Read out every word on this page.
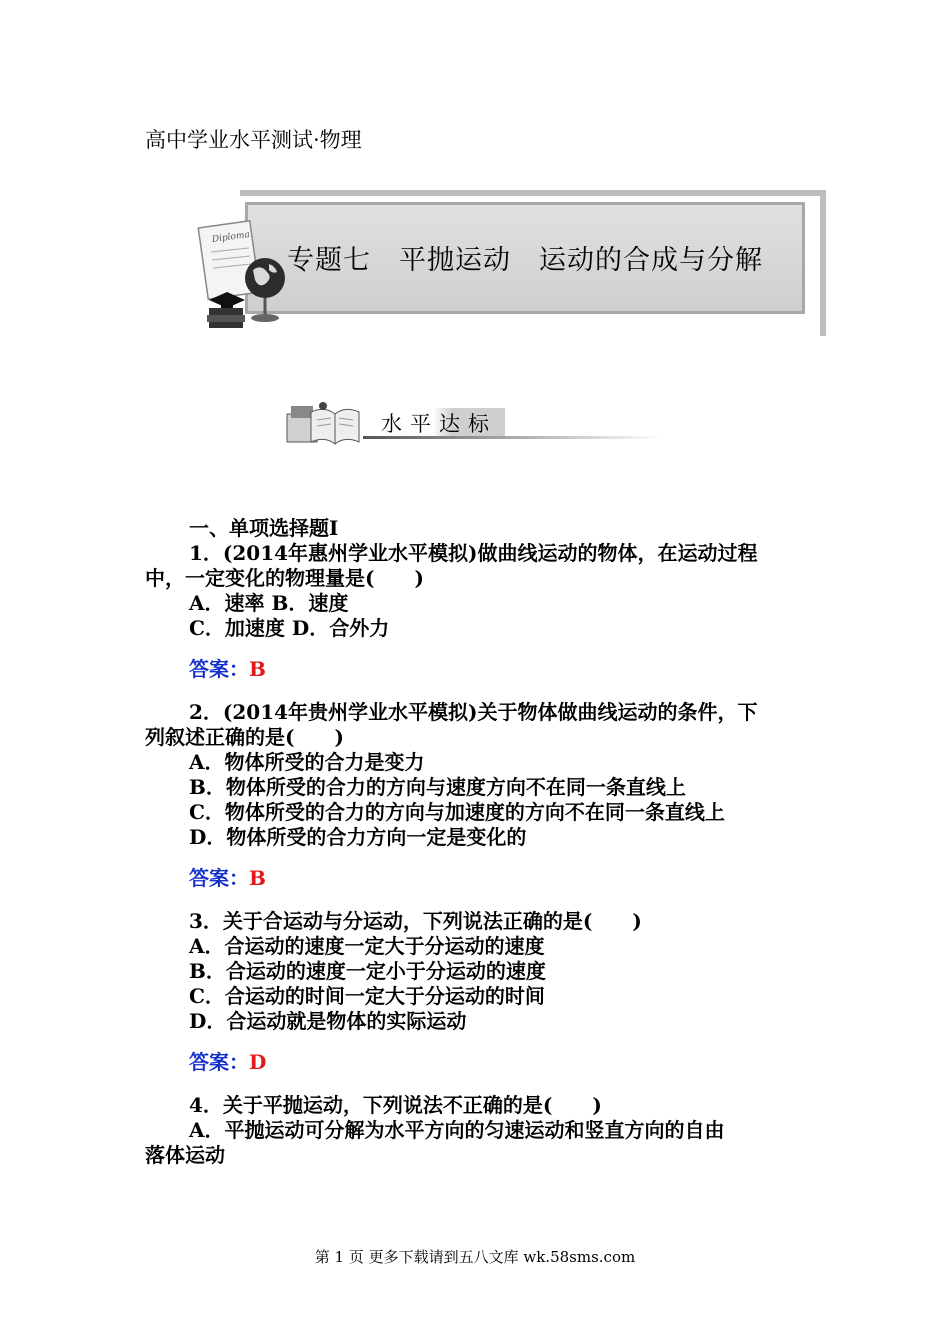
高中学业水平测试·物理
Diploma
专题七　平抛运动　运动的合成与分解
水平达标

一、单项选择题Ⅰ

1．(2014年惠州学业水平模拟)做曲线运动的物体，在运动过程

中，一定变化的物理量是(　　)

A．速率 B．速度

C．加速度 D．合外力

答案：B

2．(2014年贵州学业水平模拟)关于物体做曲线运动的条件，下

列叙述正确的是(　　)

A．物体所受的合力是变力

B．物体所受的合力的方向与速度方向不在同一条直线上

C．物体所受的合力的方向与加速度的方向不在同一条直线上

D．物体所受的合力方向一定是变化的

答案：B

3．关于合运动与分运动，下列说法正确的是(　　)

A．合运动的速度一定大于分运动的速度

B．合运动的速度一定小于分运动的速度

C．合运动的时间一定大于分运动的时间

D．合运动就是物体的实际运动

答案：D

4．关于平抛运动，下列说法不正确的是(　　)

A．平抛运动可分解为水平方向的匀速运动和竖直方向的自由

落体运动

第 1 页 更多下载请到五八文库 wk.58sms.com
